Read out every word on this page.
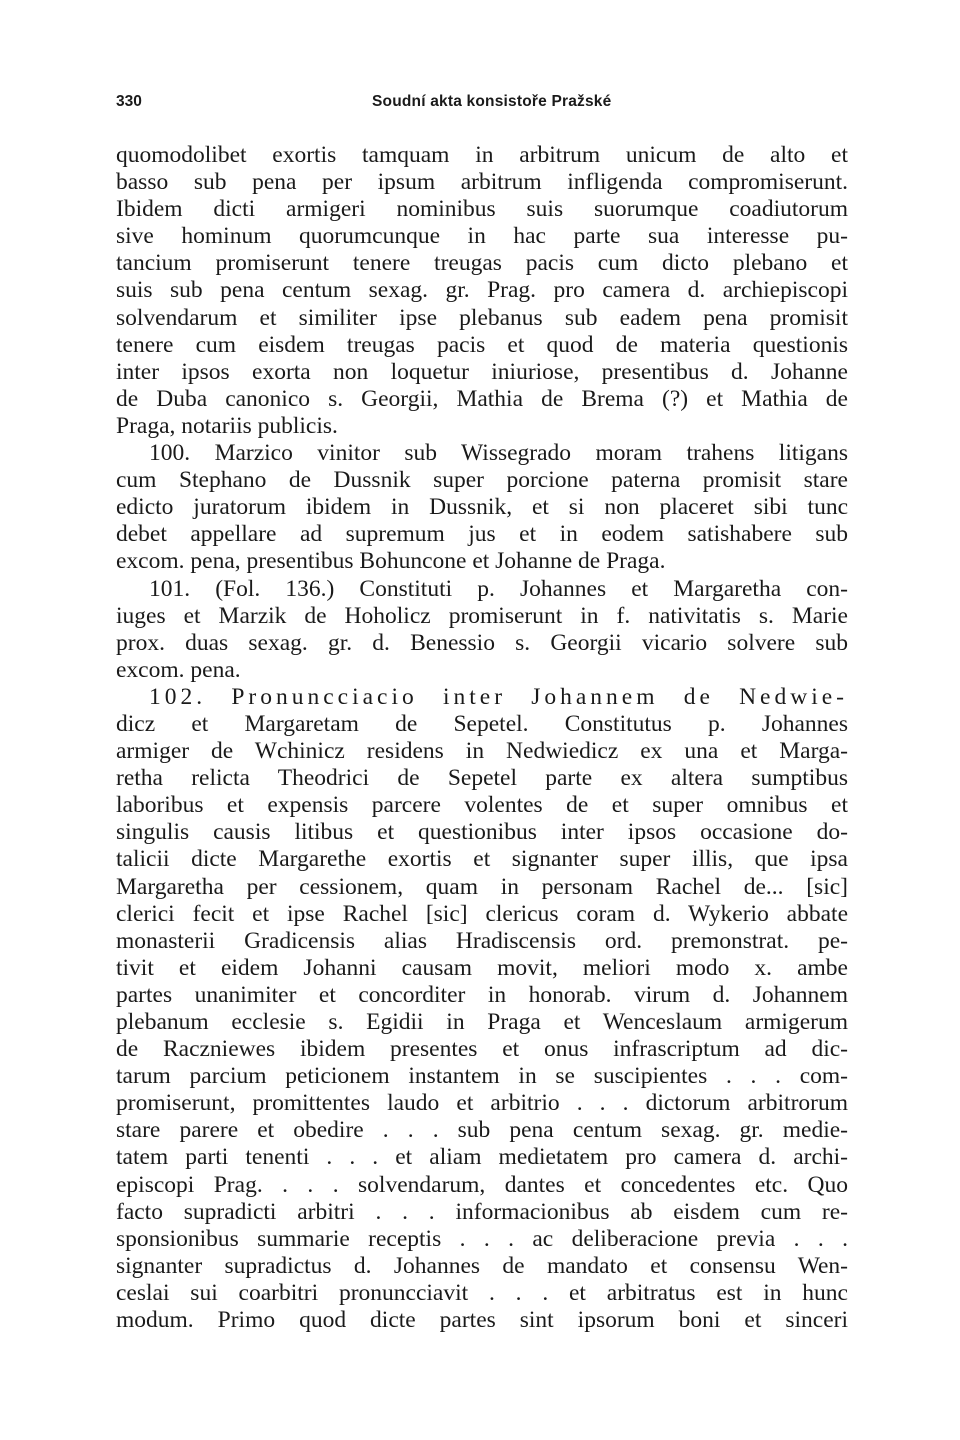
330	Soudní akta konsistoře Pražské
quomodolibet exortis tamquam in arbitrum unicum de alto et
basso sub pena per ipsum arbitrum infligenda compromiserunt.
Ibidem dicti armigeri nominibus suis suorumque coadiutorum
sive hominum quorumcunque in hac parte sua interesse pu-
tancium promiserunt tenere treugas pacis cum dicto plebano et
suis sub pena centum sexag. gr. Prag. pro camera d. archiepiscopi
solvendarum et similiter ipse plebanus sub eadem pena promisit
tenere cum eisdem treugas pacis et quod de materia questionis
inter ipsos exorta non loquetur iniuriose, presentibus d. Johanne
de Duba canonico s. Georgii, Mathia de Brema (?) et Mathia de
Praga, notariis publicis.
100. Marzico vinitor sub Wissegrado moram trahens litigans
cum Stephano de Dussnik super porcione paterna promisit stare
edicto juratorum ibidem in Dussnik, et si non placeret sibi tunc
debet appellare ad supremum jus et in eodem satishabere sub
excom. pena, presentibus Bohuncone et Johanne de Praga.
101. (Fol. 136.) Constituti p. Johannes et Margaretha con-
iuges et Marzik de Hoholicz promiserunt in f. nativitatis s. Marie
prox. duas sexag. gr. d. Benessio s. Georgii vicario solvere sub
excom. pena.
102. Pronuncciacio inter Johannem de Nedwie-
dicz et Margaretam de Sepetel. Constitutus p. Johannes
armiger de Wchinicz residens in Nedwiedicz ex una et Marga-
retha relicta Theodrici de Sepetel parte ex altera sumptibus
laboribus et expensis parcere volentes de et super omnibus et
singulis causis litibus et questionibus inter ipsos occasione do-
talicii dicte Margarethe exortis et signanter super illis, que ipsa
Margaretha per cessionem, quam in personam Rachel de... [sic]
clerici fecit et ipse Rachel [sic] clericus coram d. Wykerio abbate
monasterii Gradicensis alias Hradiscensis ord. premonstrat. pe-
tivit et eidem Johanni causam movit, meliori modo x. ambe
partes unanimiter et concorditer in honorab. virum d. Johannem
plebanum ecclesie s. Egidii in Praga et Wenceslaum armigerum
de Raczniewes ibidem presentes et onus infrascriptum ad dic-
tarum parcium peticionem instantem in se suscipientes . . . com-
promiserunt, promittentes laudo et arbitrio . . . dictorum arbitrorum
stare parere et obedire . . . sub pena centum sexag. gr. medie-
tatem parti tenenti . . . et aliam medietatem pro camera d. archi-
episcopi Prag. . . . solvendarum, dantes et concedentes etc. Quo
facto supradicti arbitri . . . informacionibus ab eisdem cum re-
sponsionibus summarie receptis . . . ac deliberacione previa . . .
signanter supradictus d. Johannes de mandato et consensu Wen-
ceslai sui coarbitri pronuncciavit . . . et arbitratus est in hunc
modum. Primo quod dicte partes sint ipsorum boni et sinceri
